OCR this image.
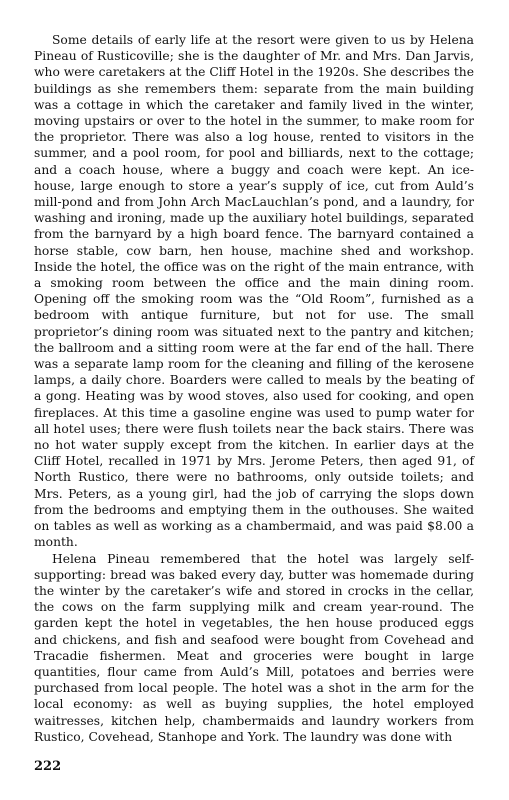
Some details of early life at the resort were given to us by Helena Pineau of Rusticoville; she is the daughter of Mr. and Mrs. Dan Jarvis, who were caretakers at the Cliff Hotel in the 1920s. She describes the buildings as she remembers them: separate from the main building was a cottage in which the caretaker and family lived in the winter, moving upstairs or over to the hotel in the summer, to make room for the proprietor. There was also a log house, rented to visitors in the summer, and a pool room, for pool and billiards, next to the cottage; and a coach house, where a buggy and coach were kept. An ice-house, large enough to store a year’s supply of ice, cut from Auld’s mill-pond and from John Arch MacLauchlan’s pond, and a laundry, for washing and ironing, made up the auxiliary hotel buildings, separated from the barnyard by a high board fence. The barnyard contained a horse stable, cow barn, hen house, machine shed and workshop. Inside the hotel, the office was on the right of the main entrance, with a smoking room between the office and the main dining room. Opening off the smoking room was the “Old Room”, furnished as a bedroom with antique furniture, but not for use. The small proprietor’s dining room was situated next to the pantry and kitchen; the ballroom and a sitting room were at the far end of the hall. There was a separate lamp room for the cleaning and filling of the kerosene lamps, a daily chore. Boarders were called to meals by the beating of a gong. Heating was by wood stoves, also used for cooking, and open fireplaces. At this time a gasoline engine was used to pump water for all hotel uses; there were flush toilets near the back stairs. There was no hot water supply except from the kitchen. In earlier days at the Cliff Hotel, recalled in 1971 by Mrs. Jerome Peters, then aged 91, of North Rustico, there were no bathrooms, only outside toilets; and Mrs. Peters, as a young girl, had the job of carrying the slops down from the bedrooms and emptying them in the outhouses. She waited on tables as well as working as a chambermaid, and was paid $8.00 a month.

Helena Pineau remembered that the hotel was largely self-supporting: bread was baked every day, butter was homemade during the winter by the caretaker’s wife and stored in crocks in the cellar, the cows on the farm supplying milk and cream year-round. The garden kept the hotel in vegetables, the hen house produced eggs and chickens, and fish and seafood were bought from Covehead and Tracadie fishermen. Meat and groceries were bought in large quantities, flour came from Auld’s Mill, potatoes and berries were purchased from local people. The hotel was a shot in the arm for the local economy: as well as buying supplies, the hotel employed waitresses, kitchen help, chambermaids and laundry workers from Rustico, Covehead, Stanhope and York. The laundry was done with

222
